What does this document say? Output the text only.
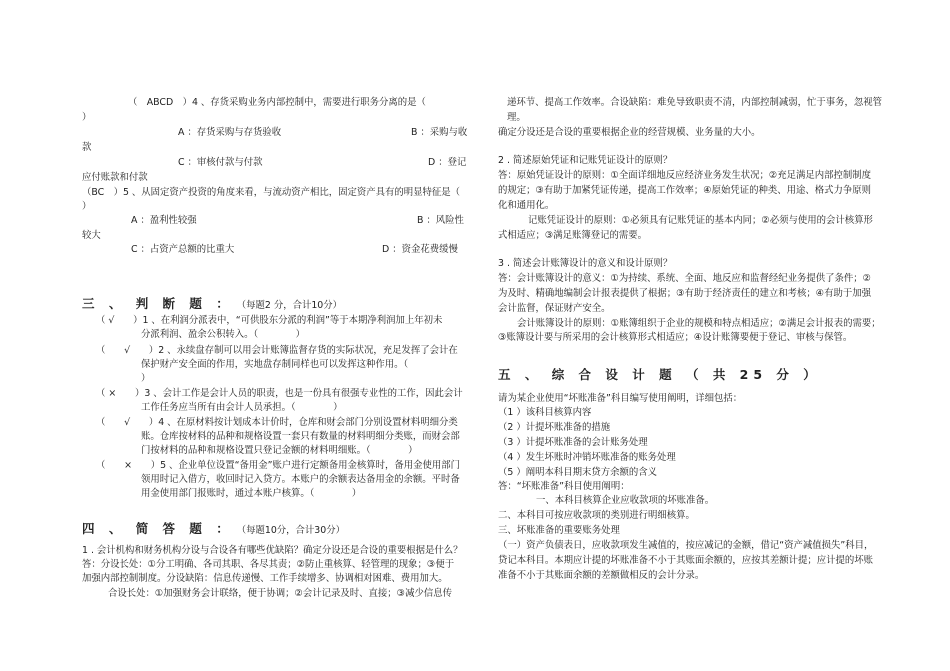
（　ABCD　）4 、存货采购业务内部控制中，需要进行职务分离的是（
）
A ：存货采购与存货验收	B ：采购与收
款
C ：审核付款与付款	D ：登记
应付账款和付款
（BC　）5 、从固定资产投资的角度来看，与流动资产相比，固定资产具有的明显特征是（
）
A ：盈利性较强	B ：风险性
较大
C ：占资产总额的比重大	D ：资金花费缓慢
三 、 判 断 题 ： （每题2 分，合计10分）
（ √　　）1 、在利润分派表中，“可供股东分派的利润”等于本期净利润加上年初未
分派利润、盈余公积转入。（　　　　）
（　　√　　）2 、永续盘存制可以用会计账簿监督存货的实际状况，充足发挥了会计在
保护财产安全面的作用，实地盘存制同样也可以发挥这种作用。（
）
（ ×　　）3 、会计工作是会计人员的职责，也是一份具有很强专业性的工作，因此会计
工作任务应当所有由会计人员承担。（　　　　）
（　　√　　）4 、在原材料按计划成本计价时，仓库和财会部门分别设置材料明细分类
账。仓库按材料的品种和规格设置一套只有数量的材料明细分类账，而财会部
门按材料的品种和规格设置只登记金额的材料明细账。（　　　　）
（　　×　　）5 、企业单位设置“备用金”账户进行定额备用金核算时，备用金使用部门
领用时记入借方，收回时记入贷方。本账户的余额表达备用金的余额。平时备
用金使用部门报账时，通过本账户核算。（　　　　）
四 、 简 答 题 ： （每题10分，合计30分）
1 . 会计机构和财务机构分设与合设各有哪些优缺陷？确定分设还是合设的重要根据是什么？
答：分设长处：①分工明确、各司其职、各尽其责；②防止重核算、轻管理的现象；③便于
加强内部控制制度。分设缺陷：信息传递慢、工作手续增多、协调相对困难、费用加大。
合设长处：①加强财务会计联络，便于协调；②会计记录及时、直接；③减少信息传
递环节、提高工作效率。合设缺陷：难免导致职责不清，内部控制减弱，忙于事务，忽视管
理。
确定分设还是合设的重要根据企业的经营规模、业务量的大小。
2 . 简述原始凭证和记账凭证设计的原则？
答：原始凭证设计的原则：①全面详细地反应经济业务发生状况；②充足满足内部控制制度
的规定；③有助于加紧凭证传递，提高工作效率；④原始凭证的种类、用途、格式力争原则
化和通用化。
记账凭证设计的原则：①必须具有记账凭证的基本内同；②必须与使用的会计核算形
式相适应；③满足账簿登记的需要。
3 . 简述会计账簿设计的意义和设计原则？
答：会计账簿设计的意义：①为持续、系统、全面、地反应和监督经纪业务提供了条件；②
为及时、精确地编制会计报表提供了根据；③有助于经济责任的建立和考核；④有助于加强
会计监督，保证财产安全。
会计账簿设计的原则：①账簿组织于企业的规模和特点相适应；②满足会计报表的需要；
③账簿设计要与所采用的会计核算形式相适应；④设计账簿要便于登记、审核与保管。
五 、 综 合 设 计 题 （ 共 25 分 ）
请为某企业使用“坏账准备”科目编写使用阐明，详细包括：
（1 ）该科目核算内容
（2 ）计提坏账准备的措施
（3 ）计提坏账准备的会计账务处理
（4 ）发生坏账时冲销坏账准备的账务处理
（5 ）阐明本科目期末贷方余额的含义
答：“坏账准备”科目使用阐明：
一、本科目核算企业应收款项的坏账准备。
二、本科目可按应收款项的类别进行明细核算。
三、坏账准备的重要账务处理
（一）资产负债表日，应收款项发生减值的，按应减记的金额，借记“资产减值损失”科目，
贷记本科目。本期应计提的坏账准备不小于其账面余额的，应按其差额计提；应计提的坏账
准备不小于其账面余额的差额做相反的会计分录。
